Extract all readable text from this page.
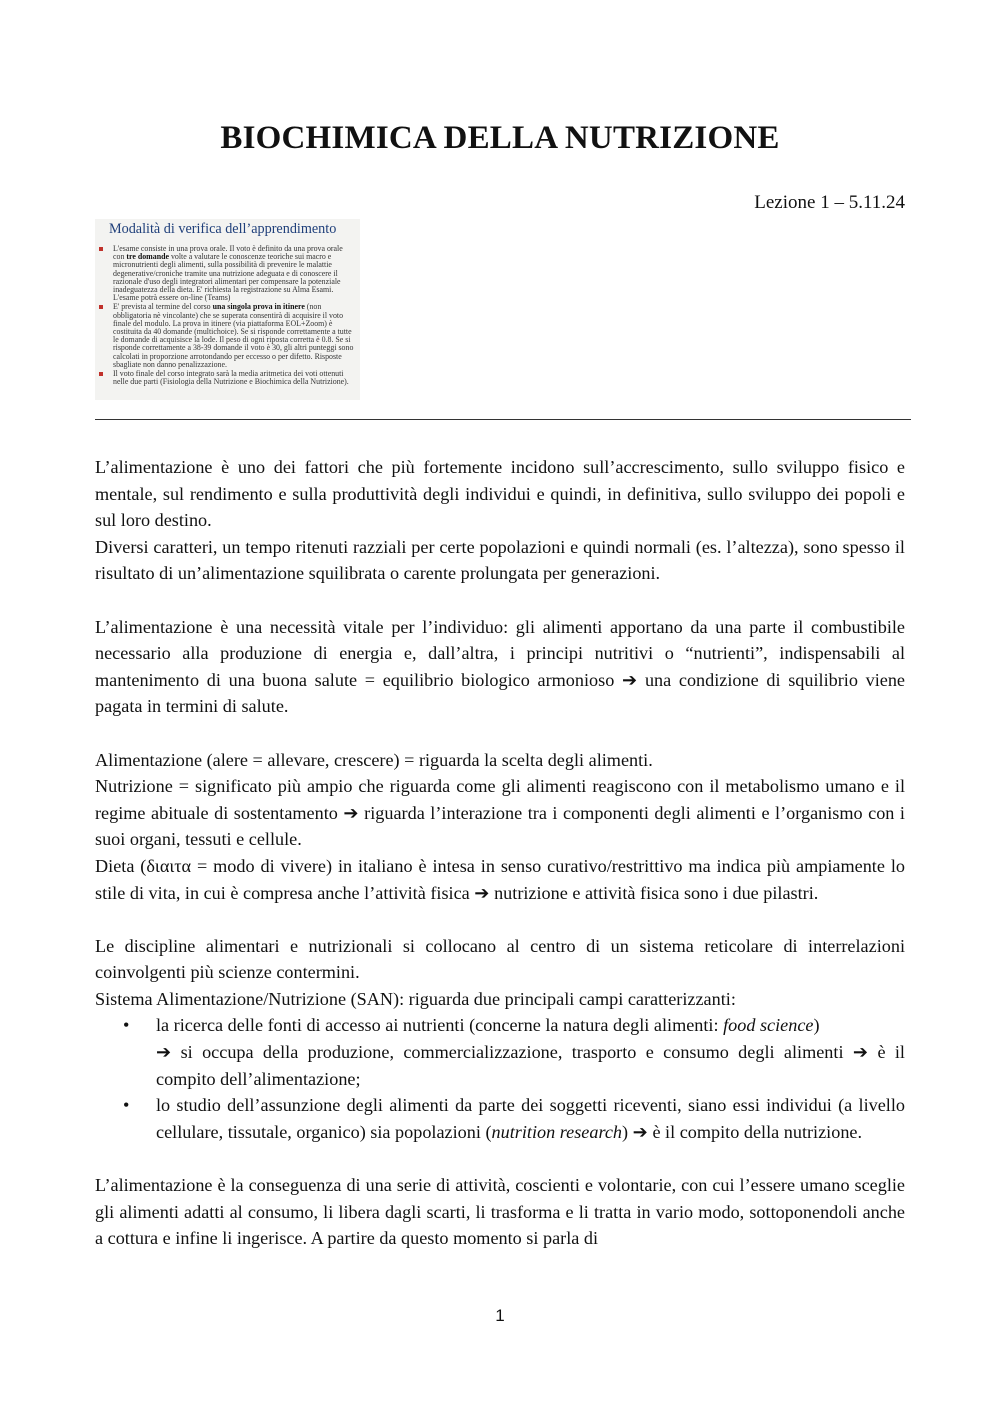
BIOCHIMICA DELLA NUTRIZIONE
Lezione 1 – 5.11.24
Modalità di verifica dell’apprendimento
L'esame consiste in una prova orale. Il voto è definito da una prova orale con tre domande volte a valutare le conoscenze teoriche sui macro e micronutrienti degli alimenti, sulla possibilità di prevenire le malattie degenerative/croniche tramite una nutrizione adeguata e di conoscere il razionale d'uso degli integratori alimentari per compensare la potenziale inadeguatezza della dieta. E' richiesta la registrazione su Alma Esami. L'esame potrà essere on-line (Teams)
E' prevista al termine del corso una singola prova in itinere (non obbligatoria nè vincolante) che se superata consentirà di acquisire il voto finale del modulo. La prova in itinere (via piattaforma EOL+Zoom) è costituita da 40 domande (multichoice). Se si risponde correttamente a tutte le domande di acquisisce la lode. Il peso di ogni riposta corretta è 0.8. Se si risponde correttamente a 38-39 domande il voto è 30, gli altri punteggi sono calcolati in proporzione arrotondando per eccesso o per difetto. Risposte sbagliate non danno penalizzazione.
Il voto finale del corso integrato sarà la media aritmetica dei voti ottenuti nelle due parti (Fisiologia della Nutrizione e Biochimica della Nutrizione).

L’alimentazione è uno dei fattori che più fortemente incidono sull’accrescimento, sullo sviluppo fisico e mentale, sul rendimento e sulla produttività degli individui e quindi, in definitiva, sullo sviluppo dei popoli e sul loro destino.

Diversi caratteri, un tempo ritenuti razziali per certe popolazioni e quindi normali (es. l’altezza), sono spesso il risultato di un’alimentazione squilibrata o carente prolungata per generazioni.

L’alimentazione è una necessità vitale per l’individuo: gli alimenti apportano da una parte il combustibile necessario alla produzione di energia e, dall’altra, i principi nutritivi o “nutrienti”, indispensabili al mantenimento di una buona salute = equilibrio biologico armonioso ➔ una condizione di squilibrio viene pagata in termini di salute.

Alimentazione (alere = allevare, crescere) = riguarda la scelta degli alimenti.

Nutrizione = significato più ampio che riguarda come gli alimenti reagiscono con il metabolismo umano e il regime abituale di sostentamento ➔ riguarda l’interazione tra i componenti degli alimenti e l’organismo con i suoi organi, tessuti e cellule.

Dieta (διαιτα = modo di vivere) in italiano è intesa in senso curativo/restrittivo ma indica più ampiamente lo stile di vita, in cui è compresa anche l’attività fisica ➔ nutrizione e attività fisica sono i due pilastri.

Le discipline alimentari e nutrizionali si collocano al centro di un sistema reticolare di interrelazioni coinvolgenti più scienze contermini.

Sistema Alimentazione/Nutrizione (SAN): riguarda due principali campi caratterizzanti:

• la ricerca delle fonti di accesso ai nutrienti (concerne la natura degli alimenti: food science)
➔ si occupa della produzione, commercializzazione, trasporto e consumo degli alimenti ➔ è il compito dell’alimentazione;
• lo studio dell’assunzione degli alimenti da parte dei soggetti riceventi, siano essi individui (a livello cellulare, tissutale, organico) sia popolazioni (nutrition research) ➔ è il compito della nutrizione.

L’alimentazione è la conseguenza di una serie di attività, coscienti e volontarie, con cui l’essere umano sceglie gli alimenti adatti al consumo, li libera dagli scarti, li trasforma e li tratta in vario modo, sottoponendoli anche a cottura e infine li ingerisce. A partire da questo momento si parla di

1
